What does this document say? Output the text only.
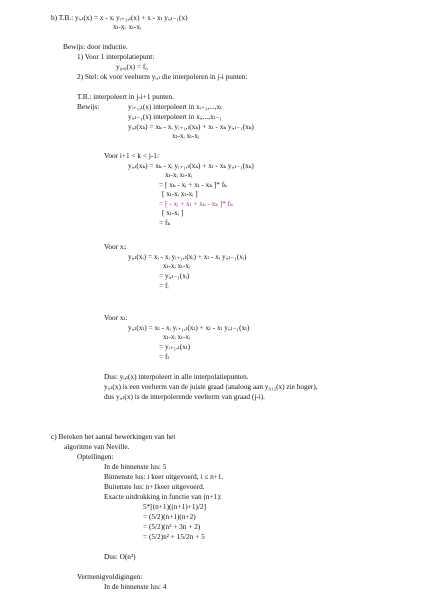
b) T.B.: yᵢ,ₗ(x) = x - xᵢ yᵢ₊₁,ₗ(x) + x - xₗ yᵢ,ₗ₋₁(x)
xₗ-xᵢ xₗ-xᵢ
Bewijs: door inductie.
1) Voor 1 interpolatiepunt:
y₀,₀(x) = f₀
2) Stel: ok voor veelterm yᵢ,ₗ die interpoleren in j-i punten:
T.B.: interpoleert in j-i+1 punten.
Bewijs:	yᵢ₊₁,ₗ(x) interpoleert in xᵢ₊₁,...,xₗ
yᵢ,ₗ₋₁(x) interpoleert in xᵢ,...,xₗ₋₁
yᵢ,ₗ(xₖ) = xₖ - xᵢ yᵢ₊₁,ₗ(xₖ) + xₗ - xₖ yᵢ,ₗ₋₁(xₖ)
xₗ-xᵢ xₗ-xᵢ
Voor i+1 < k < j-1:
yᵢ,ₗ(xₖ) = xₖ - xᵢ yᵢ₊₁,ₗ(xₖ) + xₗ - xₖ yᵢ,ₗ₋₁(xₖ)
xₗ-xᵢ xₗ-xᵢ
= [ xₖ - xᵢ + xₗ - xₖ ]* fₖ
[ xₗ-xᵢ xₗ-xᵢ ]
= [ - xᵢ + xₗ + xₖ - xₖ ]* fₖ
[ xₗ-xᵢ ]
= fₖ
Voor xᵢ:
yᵢ,ₗ(xᵢ) = xᵢ - xᵢ yᵢ₊₁,ₗ(xᵢ) + xₗ - xᵢ yᵢ,ₗ₋₁(xᵢ)
xₗ-xᵢ xₗ-xᵢ
= yᵢ,ₗ₋₁(xᵢ)
= fᵢ
Voor xₗ:
yᵢ,ₗ(xₗ) = xₗ - xᵢ yᵢ₊₁,ₗ(xₗ) + xₗ - xₗ yᵢ,ₗ₋₁(xₗ)
xₗ-xᵢ xₗ-xᵢ
= yᵢ₊₁,ₗ(xₗ)
= fₗ
Dus: yᵢ,ₗ(x) interpoleert in alle interpolatiepunten.
yᵢ,ₗ(x) is een veelterm van de juiste graad (analoog aan y₀₁₂(x) zie hoger),
dus yᵢ,ₗ(x) is de interpolerende veelterm van graad (j-i).
c) Bereken het aantal bewerkingen van het
algoritme van Neville.
Optellingen:
In de binnenste lus: 5
Binnenste lus: i keer uitgevoerd, i ≤ n+1.
Buitenste lus: n+1keer uitgevoerd.
Exacte uitdrukking in functie van (n+1):
5*[(n+1)((n+1)+1)/2]
= (5/2)(n+1)(n+2)
= (5/2)(n² + 3n + 2)
= (5/2)n² + 15/2n + 5
Dus: O(n²)
Vermenigvuldigingen:
In de binnenste lus: 4
